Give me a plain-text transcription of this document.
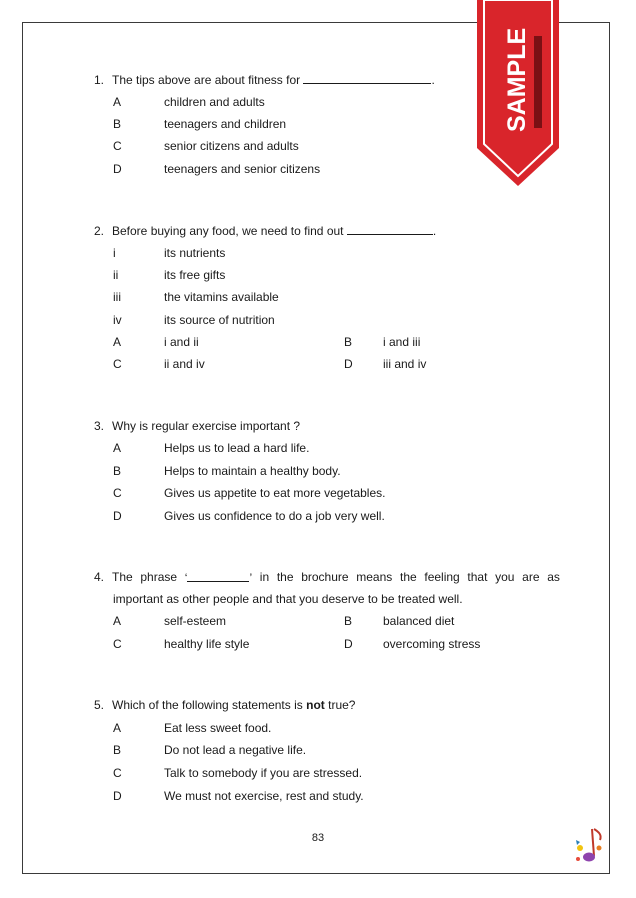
SAMPLE
1. The tips above are about fitness for	.
A	children and adults
B	teenagers and children
C	senior citizens and adults
D	teenagers and senior citizens
2. Before buying any food, we need to find out	.
i	its nutrients
ii	its free gifts
iii	the vitamins available
iv	its source of nutrition
A	i and ii	B	i and iii
C	ii and iv	D	iii and iv
3. Why is regular exercise important ?
A	Helps us to lead a hard life.
B	Helps to maintain a healthy body.
C	Gives us appetite to eat more vegetables.
D	Gives us confidence to do a job very well.
4. The phrase ‘	’ in the brochure means the feeling that you are as
important as other people and that you deserve to be treated well.
A	self-esteem	B	balanced diet
C	healthy life style	D	overcoming stress
5. Which of the following statements is not true?
A	Eat less sweet food.
B	Do not lead a negative life.
C	Talk to somebody if you are stressed.
D	We must not exercise, rest and study.
83
